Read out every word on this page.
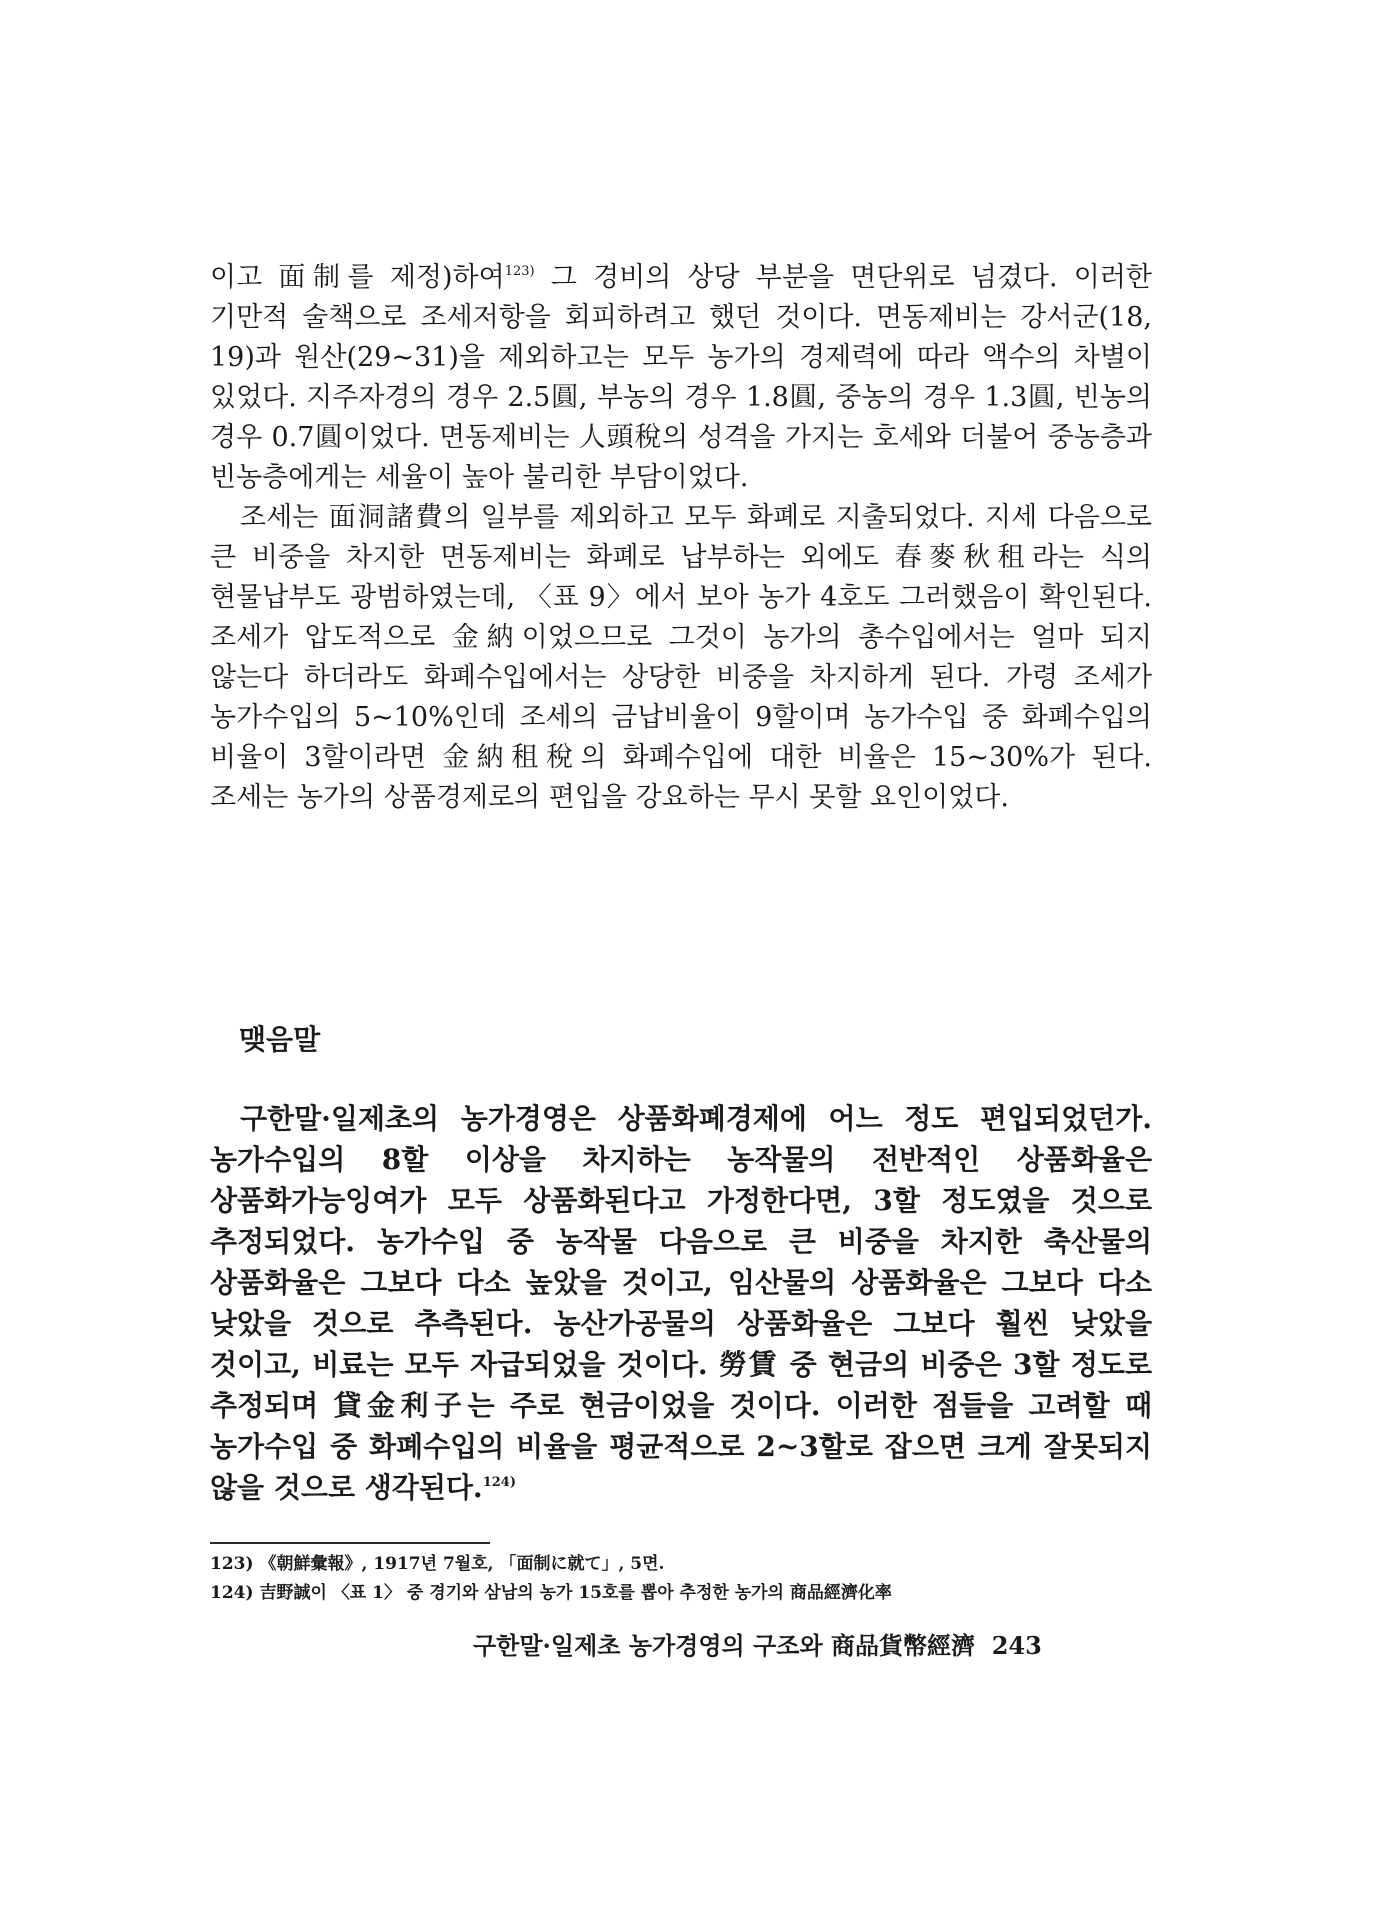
이고 面制를 제정)하여$^{123)}$ 그 경비의 상당 부분을 면단위로 넘겼다. 이러한 기만적 술책으로 조세저항을 회피하려고 했던 것이다. 면동제비는 강서군(18, 19)과 원산(29~31)을 제외하고는 모두 농가의 경제력에 따라 액수의 차별이 있었다. 지주자경의 경우 2.5圓, 부농의 경우 1.8圓, 중농의 경우 1.3圓, 빈농의 경우 0.7圓이었다. 면동제비는 人頭稅의 성격을 가지는 호세와 더불어 중농층과 빈농층에게는 세율이 높아 불리한 부담이었다.

조세는 面洞諸費의 일부를 제외하고 모두 화폐로 지출되었다. 지세 다음으로 큰 비중을 차지한 면동제비는 화폐로 납부하는 외에도 春麥秋租라는 식의 현물납부도 광범하였는데, 〈표 9〉에서 보아 농가 4호도 그러했음이 확인된다. 조세가 압도적으로 金納이었으므로 그것이 농가의 총수입에서는 얼마 되지 않는다 하더라도 화폐수입에서는 상당한 비중을 차지하게 된다. 가령 조세가 농가수입의 5~10%인데 조세의 금납비율이 9할이며 농가수입 중 화폐수입의 비율이 3할이라면 金納租稅의 화폐수입에 대한 비율은 15~30%가 된다. 조세는 농가의 상품경제로의 편입을 강요하는 무시 못할 요인이었다.

맺음말

구한말·일제초의 농가경영은 상품화폐경제에 어느 정도 편입되었던가. 농가수입의 8할 이상을 차지하는 농작물의 전반적인 상품화율은 상품화가능잉여가 모두 상품화된다고 가정한다면, 3할 정도였을 것으로 추정되었다. 농가수입 중 농작물 다음으로 큰 비중을 차지한 축산물의 상품화율은 그보다 다소 높았을 것이고, 임산물의 상품화율은 그보다 다소 낮았을 것으로 추측된다. 농산가공물의 상품화율은 그보다 훨씬 낮았을 것이고, 비료는 모두 자급되었을 것이다. 勞賃 중 현금의 비중은 3할 정도로 추정되며 貸金利子는 주로 현금이었을 것이다. 이러한 점들을 고려할 때 농가수입 중 화폐수입의 비율을 평균적으로 2~3할로 잡으면 크게 잘못되지 않을 것으로 생각된다.$^{124)}$

123) 《朝鮮彙報》, 1917년 7월호, 「面制に就て」, 5면.

124) 吉野誠이 〈표 1〉 중 경기와 삼남의 농가 15호를 뽑아 추정한 농가의 商品經濟化率

구한말·일제초 농가경영의 구조와 商品貨幣經濟 243
